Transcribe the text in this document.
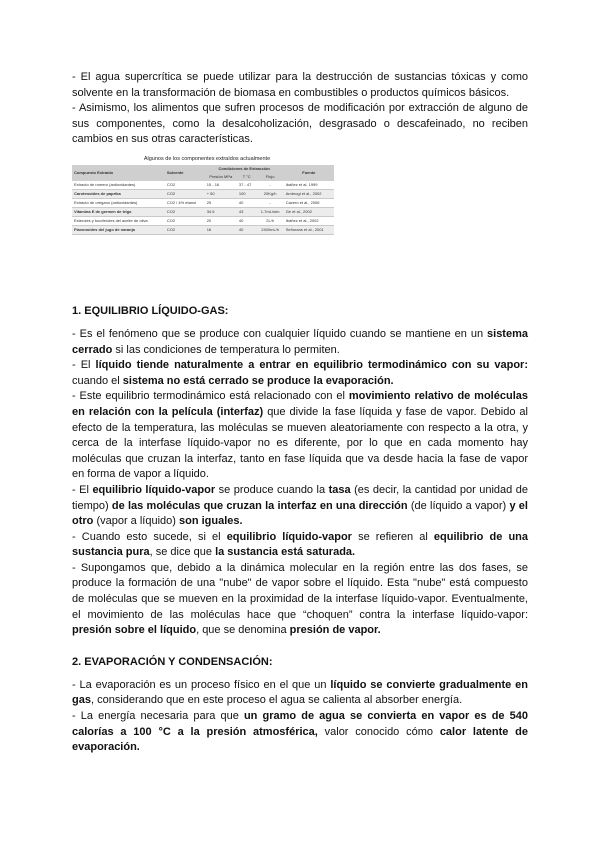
- El agua supercrítica se puede utilizar para la destrucción de sustancias tóxicas y como solvente en la transformación de biomasa en combustibles o productos químicos básicos.

- Asimismo, los alimentos que sufren procesos de modificación por extracción de alguno de sus componentes, como la desalcoholización, desgrasado o descafeinado, no reciben cambios en sus otras características.

Algunos de los componentes extraídos actualmente

Compuesto Extraído	Solvente	Condiciones de Extracción			Fuente
		Presión MPa	T °C	Flujo	
Extracto de romero (antioxidantes)	CO2	15 - 16	37 - 47	-	Ibáñez et al. 1999
Carotenoides de paprika	CO2	+ 50	100	20Kg/h	Ambrogi et al., 2002
Extracto de orégano (antioxidantes)	CO2 / 4% etanol	25	40	-	Cavero et al., 2006
Vitamina E de germen de trigo	CO2	34.5	43	1.7mL/min	Ge et al., 2002
Esteroles y tocoferoles del aceite de oliva	CO2	20	40	2L/h	Ibáñez et al., 2002
Flavonoides del jugo de naranja	CO2	16	40	2400mL/h	Señorans et al., 2001

1. EQUILIBRIO LÍQUIDO-GAS:

- Es el fenómeno que se produce con cualquier líquido cuando se mantiene en un sistema cerrado si las condiciones de temperatura lo permiten.

- El líquido tiende naturalmente a entrar en equilibrio termodinámico con su vapor: cuando el sistema no está cerrado se produce la evaporación.

- Este equilibrio termodinámico está relacionado con el movimiento relativo de moléculas en relación con la película (interfaz) que divide la fase líquida y fase de vapor. Debido al efecto de la temperatura, las moléculas se mueven aleatoriamente con respecto a la otra, y cerca de la interfase líquido-vapor no es diferente, por lo que en cada momento hay moléculas que cruzan la interfaz, tanto en fase líquida que va desde hacia la fase de vapor en forma de vapor a líquido.

- El equilibrio líquido-vapor se produce cuando la tasa (es decir, la cantidad por unidad de tiempo) de las moléculas que cruzan la interfaz en una dirección (de líquido a vapor) y el otro (vapor a líquido) son iguales.

- Cuando esto sucede, si el equilibrio líquido-vapor se refieren al equilibrio de una sustancia pura, se dice que la sustancia está saturada.

- Supongamos que, debido a la dinámica molecular en la región entre las dos fases, se produce la formación de una "nube" de vapor sobre el líquido. Esta "nube" está compuesto de moléculas que se mueven en la proximidad de la interfase líquido-vapor. Eventualmente, el movimiento de las moléculas hace que “choquen” contra la interfase líquido-vapor: presión sobre el líquido, que se denomina presión de vapor.

2. EVAPORACIÓN Y CONDENSACIÓN:

- La evaporación es un proceso físico en el que un líquido se convierte gradualmente en gas, considerando que en este proceso el agua se calienta al absorber energía.

- La energía necesaria para que un gramo de agua se convierta en vapor es de 540 calorías a 100 °C a la presión atmosférica, valor conocido cómo calor latente de evaporación.
